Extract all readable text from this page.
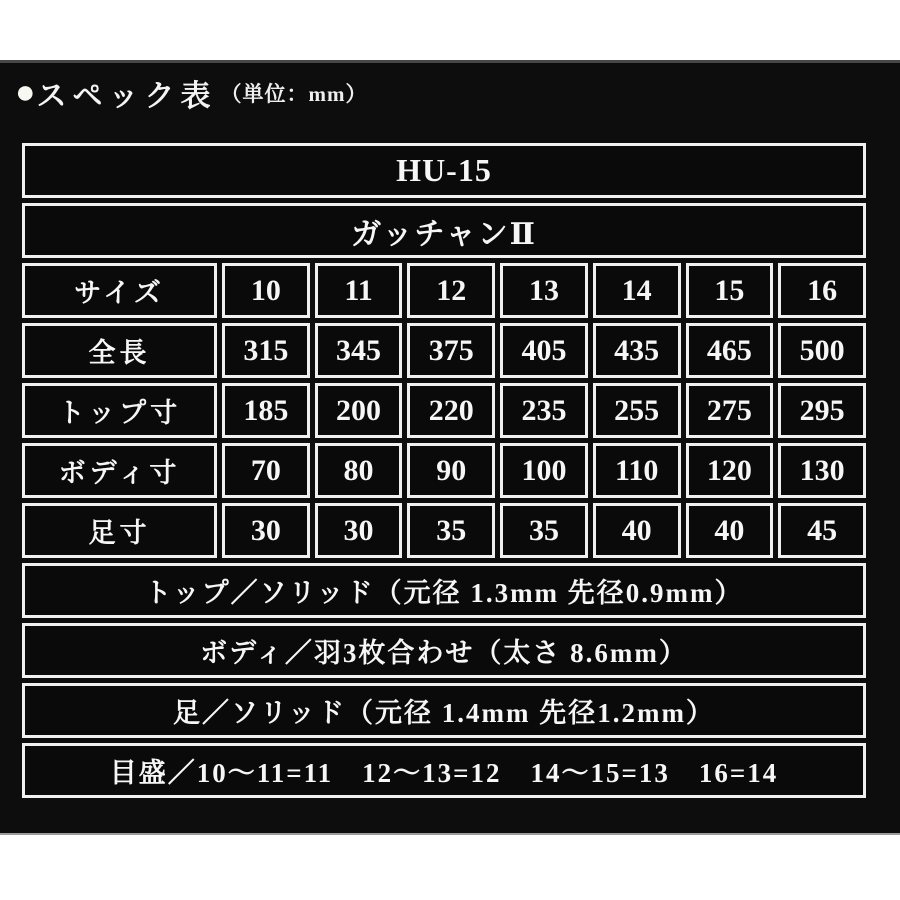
● スペック表 （単位：mm）
HU-15							
ガッチャンⅡ							
サイズ	10	11	12	13	14	15	16
全長	315	345	375	405	435	465	500
トップ寸	185	200	220	235	255	275	295
ボディ寸	70	80	90	100	110	120	130
足寸	30	30	35	35	40	40	45
トップ／ソリッド（元径 1.3mm 先径0.9mm）							
ボディ／羽3枚合わせ（太さ 8.6mm）							
足／ソリッド（元径 1.4mm 先径1.2mm）							
目盛／10〜11=11　12〜13=12　14〜15=13　16=14							
